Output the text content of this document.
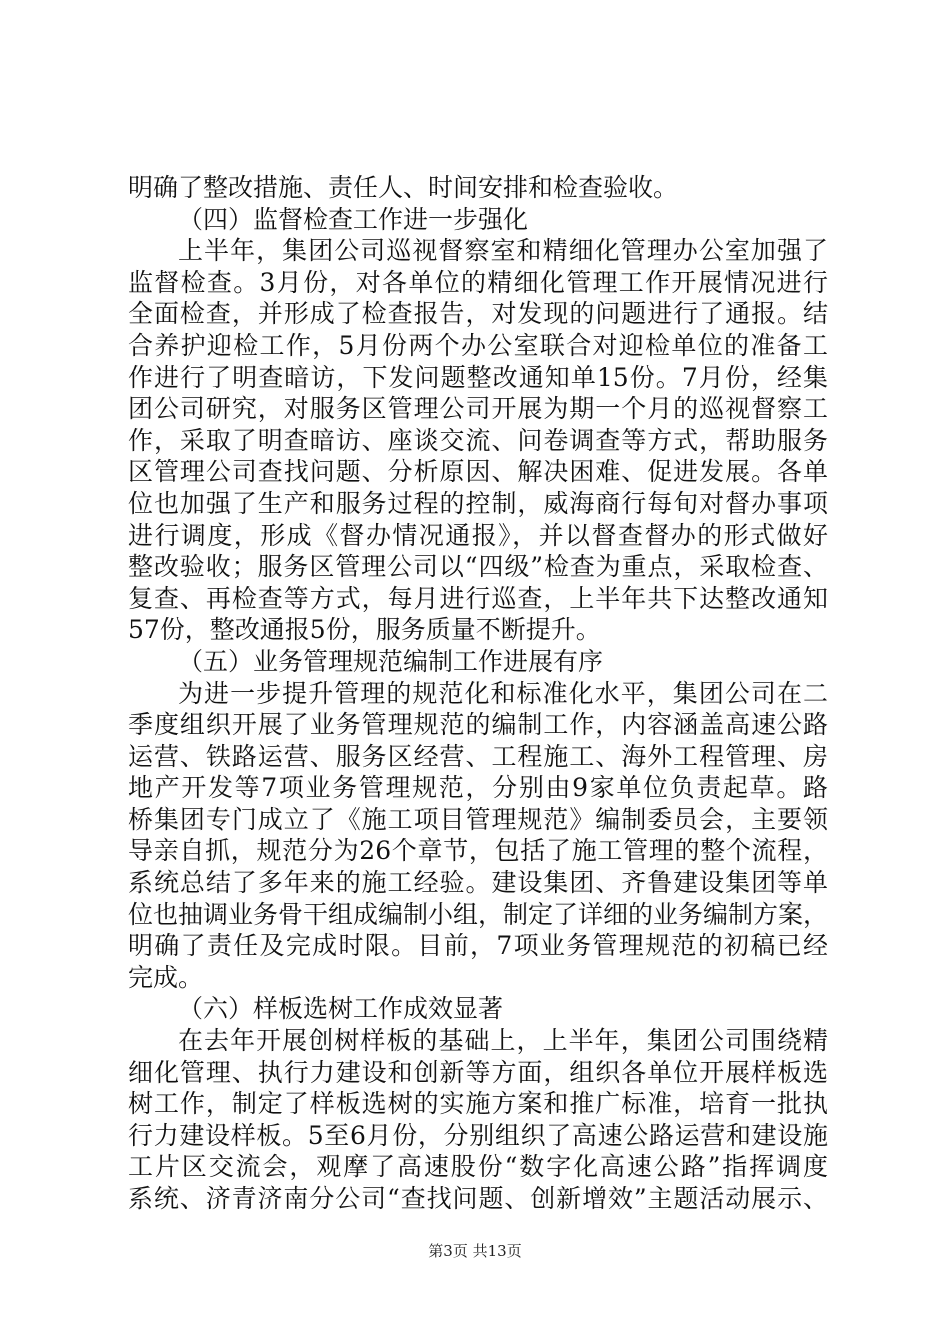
明确了整改措施、责任人、时间安排和检查验收。
（四）监督检查工作进一步强化
上半年，集团公司巡视督察室和精细化管理办公室加强了
监督检查。3月份，对各单位的精细化管理工作开展情况进行
全面检查，并形成了检查报告，对发现的问题进行了通报。结
合养护迎检工作，5月份两个办公室联合对迎检单位的准备工
作进行了明查暗访，下发问题整改通知单15份。7月份，经集
团公司研究，对服务区管理公司开展为期一个月的巡视督察工
作，采取了明查暗访、座谈交流、问卷调查等方式，帮助服务
区管理公司查找问题、分析原因、解决困难、促进发展。各单
位也加强了生产和服务过程的控制，威海商行每旬对督办事项
进行调度，形成《督办情况通报》，并以督查督办的形式做好
整改验收；服务区管理公司以“四级”检查为重点，采取检查、
复查、再检查等方式，每月进行巡查，上半年共下达整改通知
57份，整改通报5份，服务质量不断提升。
（五）业务管理规范编制工作进展有序
为进一步提升管理的规范化和标准化水平，集团公司在二
季度组织开展了业务管理规范的编制工作，内容涵盖高速公路
运营、铁路运营、服务区经营、工程施工、海外工程管理、房
地产开发等7项业务管理规范，分别由9家单位负责起草。路
桥集团专门成立了《施工项目管理规范》编制委员会，主要领
导亲自抓，规范分为26个章节，包括了施工管理的整个流程，
系统总结了多年来的施工经验。建设集团、齐鲁建设集团等单
位也抽调业务骨干组成编制小组，制定了详细的业务编制方案，
明确了责任及完成时限。目前，7项业务管理规范的初稿已经
完成。
（六）样板选树工作成效显著
在去年开展创树样板的基础上，上半年，集团公司围绕精
细化管理、执行力建设和创新等方面，组织各单位开展样板选
树工作，制定了样板选树的实施方案和推广标准，培育一批执
行力建设样板。5至6月份，分别组织了高速公路运营和建设施
工片区交流会，观摩了高速股份“数字化高速公路”指挥调度
系统、济青济南分公司“查找问题、创新增效”主题活动展示、
第3页 共13页
